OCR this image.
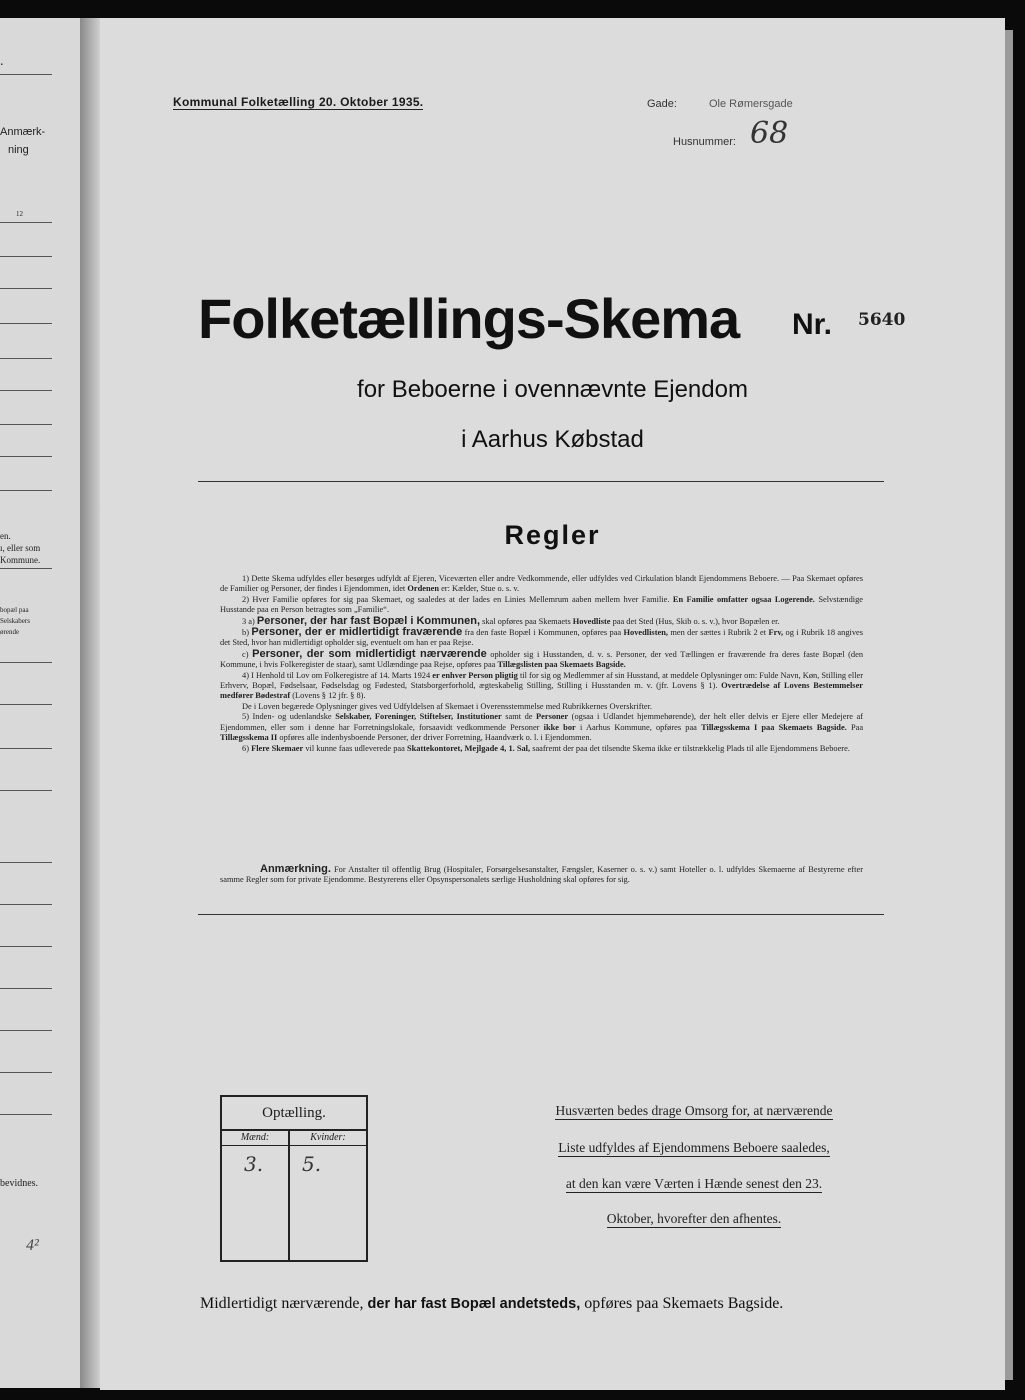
.
Anmærk-
ning
12
en.
ı, eller som
Kommune.
bopæl paa
Selskabers
ørende
bevidnes.
4²
Kommunal Folketælling 20. Oktober 1935.	Gade:	Ole Rømersgade
Husnummer: 68
Folketællings-Skema Nr. 5640
for Beboerne i ovennævnte Ejendom
i Aarhus Købstad
Regler

1) Dette Skema udfyldes eller besørges udfyldt af Ejeren, Viceværten eller andre Vedkommende, eller udfyldes ved Cirkulation blandt Ejendommens Beboere. — Paa Skemaet opføres de Familier og Personer, der findes i Ejendommen, idet Ordenen er: Kælder, Stue o. s. v.

2) Hver Familie opføres for sig paa Skemaet, og saaledes at der lades en Linies Mellemrum aaben mellem hver Familie. En Familie omfatter ogsaa Logerende. Selvstændige Husstande paa en Person betragtes som „Familie“.

3 a) Personer, der har fast Bopæl i Kommunen, skal opføres paa Skemaets Hovedliste paa det Sted (Hus, Skib o. s. v.), hvor Bopælen er.

b) Personer, der er midlertidigt fraværende fra den faste Bopæl i Kommunen, opføres paa Hovedlisten, men der sættes i Rubrik 2 et Frv, og i Rubrik 18 angives det Sted, hvor han midlertidigt opholder sig, eventuelt om han er paa Rejse.

c) Personer, der som midlertidigt nærværende opholder sig i Husstanden, d. v. s. Personer, der ved Tællingen er fraværende fra deres faste Bopæl (den Kommune, i hvis Folkeregister de staar), samt Udlændinge paa Rejse, opføres paa Tillægslisten paa Skemaets Bagside.

4) I Henhold til Lov om Folkeregistre af 14. Marts 1924 er enhver Person pligtig til for sig og Medlemmer af sin Husstand, at meddele Oplysninger om: Fulde Navn, Køn, Stilling eller Erhverv, Bopæl, Fødselsaar, Fødselsdag og Fødested, Statsborgerforhold, ægteskabelig Stilling, Stilling i Husstanden m. v. (jfr. Lovens § 1). Overtrædelse af Lovens Bestemmelser medfører Bødestraf (Lovens § 12 jfr. § 8).

De i Loven begærede Oplysninger gives ved Udfyldelsen af Skemaet i Overensstemmelse med Rubrikkernes Overskrifter.

5) Inden- og udenlandske Selskaber, Foreninger, Stiftelser, Institutioner samt de Personer (ogsaa i Udlandet hjemmehørende), der helt eller delvis er Ejere eller Medejere af Ejendommen, eller som i denne har Forretningslokale, forsaavidt vedkommende Personer ikke bor i Aarhus Kommune, opføres paa Tillægsskema I paa Skemaets Bagside. Paa Tillægsskema II opføres alle indenbysboende Personer, der driver Forretning, Haandværk o. l. i Ejendommen.

6) Flere Skemaer vil kunne faas udleverede paa Skattekontoret, Mejlgade 4, 1. Sal, saafremt der paa det tilsendte Skema ikke er tilstrækkelig Plads til alle Ejendommens Beboere.

Anmærkning. For Anstalter til offentlig Brug (Hospitaler, Forsørgelsesanstalter, Fængsler, Kaserner o. s. v.) samt Hoteller o. l. udfyldes Skemaerne af Bestyrerne efter samme Regler som for private Ejendomme. Bestyrerens eller Opsynspersonalets særlige Husholdning skal opføres for sig.

Optælling.
Mænd:
3.
Kvinder:
5.
Husværten bedes drage Omsorg for, at nærværende
Liste udfyldes af Ejendommens Beboere saaledes,
at den kan være Værten i Hænde senest den 23.
Oktober, hvorefter den afhentes.
Midlertidigt nærværende, der har fast Bopæl andetsteds, opføres paa Skemaets Bagside.
